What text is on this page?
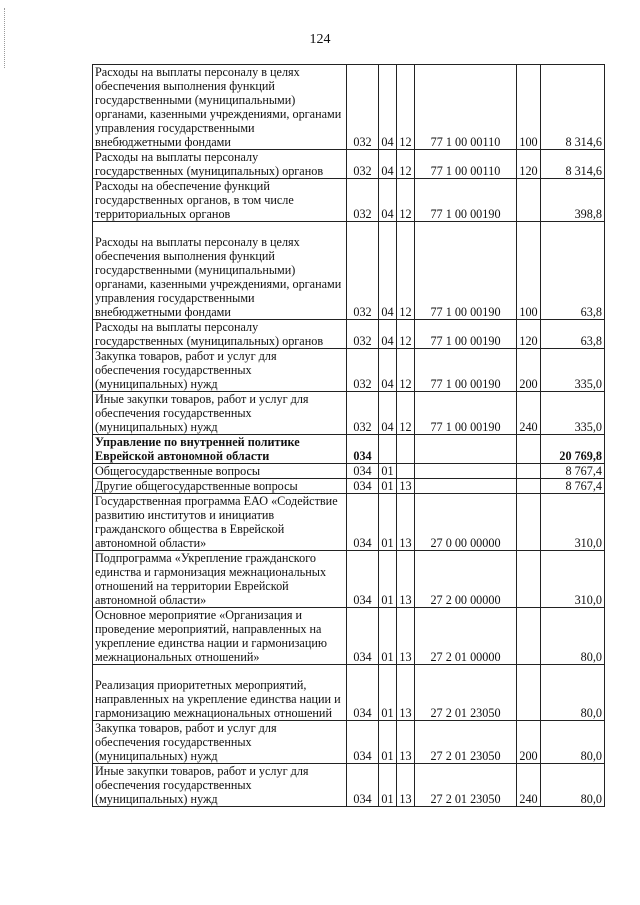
124
Расходы на выплаты персоналу в целях обеспечения выполнения функций государственными (муниципальными) органами, казенными учреждениями, органами управления государственными внебюджетными фондами	032	04	12	77 1 00 00110	100	8 314,6
Расходы на выплаты персоналу государственных (муниципальных) органов	032	04	12	77 1 00 00110	120	8 314,6
Расходы на обеспечение функций государственных органов, в том числе территориальных органов	032	04	12	77 1 00 00190		398,8
Расходы на выплаты персоналу в целях обеспечения выполнения функций государственными (муниципальными) органами, казенными учреждениями, органами управления государственными внебюджетными фондами	032	04	12	77 1 00 00190	100	63,8
Расходы на выплаты персоналу государственных (муниципальных) органов	032	04	12	77 1 00 00190	120	63,8
Закупка товаров, работ и услуг для обеспечения государственных (муниципальных) нужд	032	04	12	77 1 00 00190	200	335,0
Иные закупки товаров, работ и услуг для обеспечения государственных (муниципальных) нужд	032	04	12	77 1 00 00190	240	335,0
Управление по внутренней политике Еврейской автономной области	034					20 769,8
Общегосударственные вопросы	034	01				8 767,4
Другие общегосударственные вопросы	034	01	13			8 767,4
Государственная программа ЕАО «Содействие развитию институтов и инициатив гражданского общества в Еврейской автономной области»	034	01	13	27 0 00 00000		310,0
Подпрограмма «Укрепление гражданского единства и гармонизация межнациональных отношений на территории Еврейской автономной области»	034	01	13	27 2 00 00000		310,0
Основное мероприятие «Организация и проведение мероприятий, направленных на укрепление единства нации и гармонизацию межнациональных отношений»	034	01	13	27 2 01 00000		80,0
Реализация приоритетных мероприятий, направленных на укрепление единства нации и гармонизацию межнациональных отношений	034	01	13	27 2 01 23050		80,0
Закупка товаров, работ и услуг для обеспечения государственных (муниципальных) нужд	034	01	13	27 2 01 23050	200	80,0
Иные закупки товаров, работ и услуг для обеспечения государственных (муниципальных) нужд	034	01	13	27 2 01 23050	240	80,0
